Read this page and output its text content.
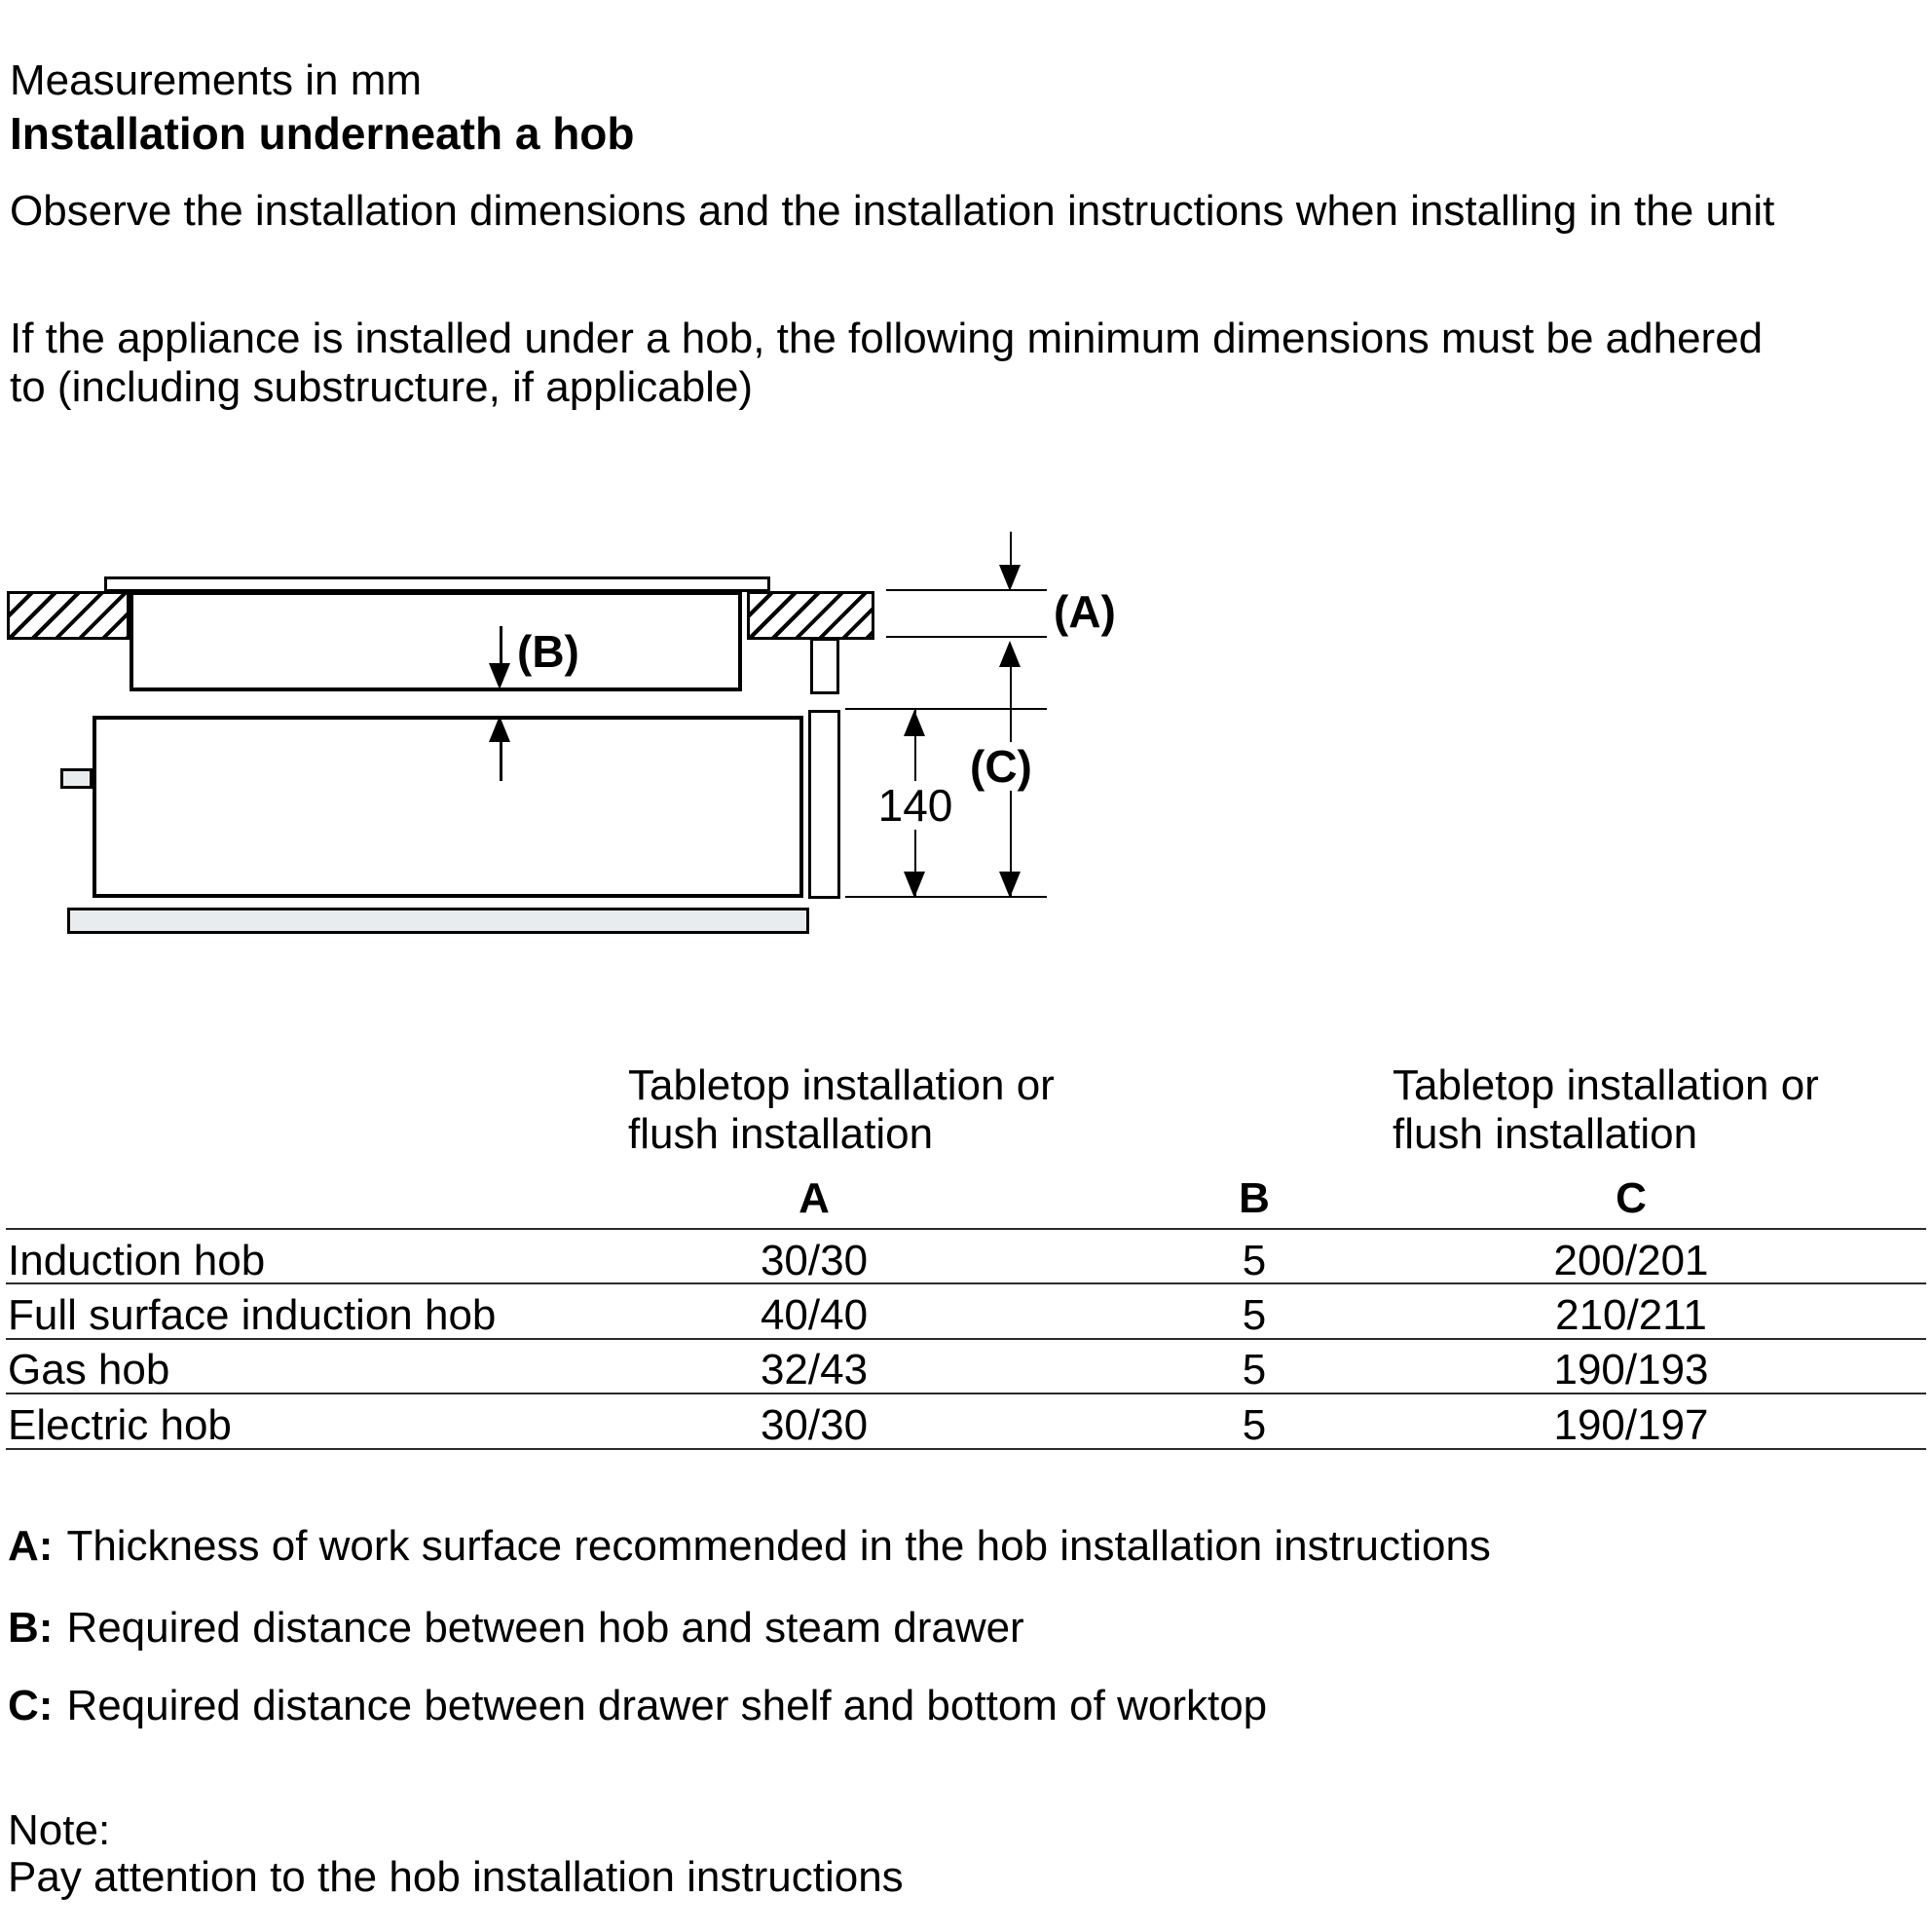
Measurements in mm
Installation underneath a hob
Observe the installation dimensions and the installation instructions when installing in the unit
If the appliance is installed under a hob, the following minimum dimensions must be adhered
to (including substructure, if applicable)
(B)
(A)
(C)
140
Tabletop installation or
flush installation
Tabletop installation or
flush installation
A	B	C
Induction hob	30/30	5	200/201
Full surface induction hob	40/40	5	210/211
Gas hob	32/43	5	190/193
Electric hob	30/30	5	190/197
A: Thickness of work surface recommended in the hob installation instructions
B: Required distance between hob and steam drawer
C: Required distance between drawer shelf and bottom of worktop
Note:
Pay attention to the hob installation instructions
